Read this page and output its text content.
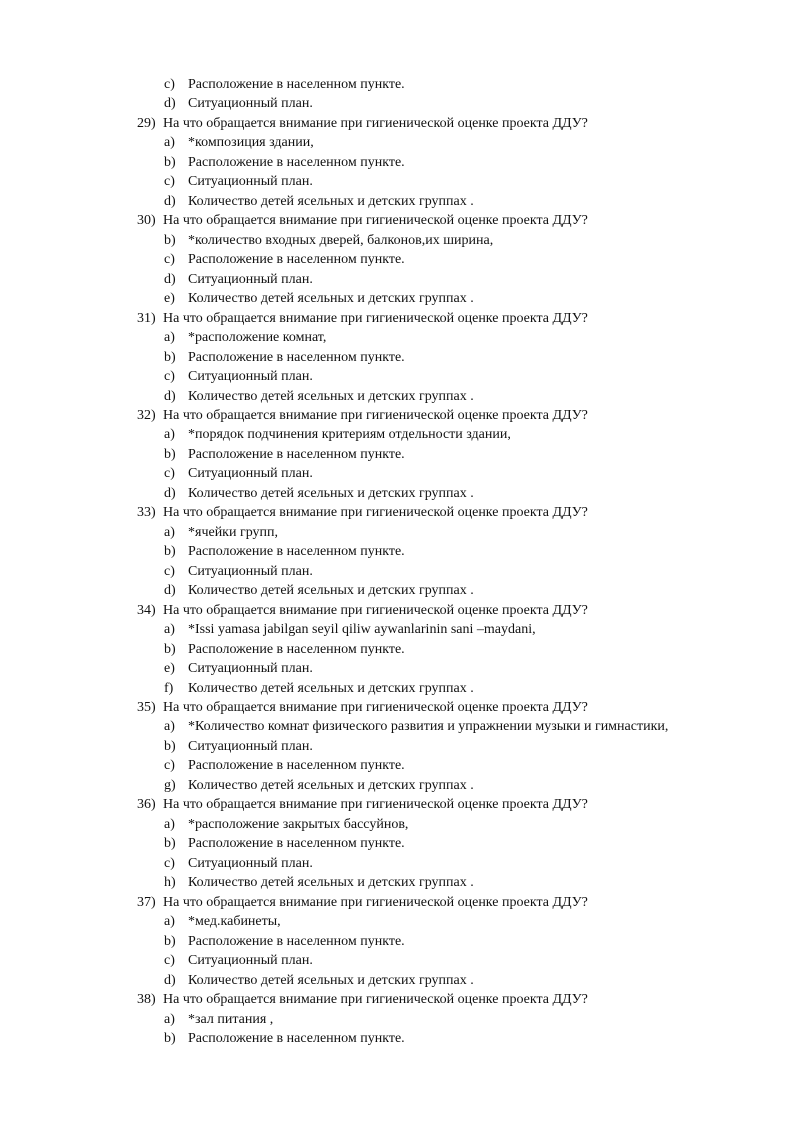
c) Расположение в населенном пункте.
d) Ситуационный план.
29) На что обращается внимание при гигиенической оценке проекта ДДУ?
a) *композиция здании,
b) Расположение в населенном пункте.
c) Ситуационный план.
d) Количество детей ясельных и детских группах .
30) На что обращается внимание при гигиенической оценке проекта ДДУ?
b) *количество входных дверей, балконов,их ширина,
c) Расположение в населенном пункте.
d) Ситуационный план.
e) Количество детей ясельных и детских группах .
31) На что обращается внимание при гигиенической оценке проекта ДДУ?
a) *расположение комнат,
b) Расположение в населенном пункте.
c) Ситуационный план.
d) Количество детей ясельных и детских группах .
32) На что обращается внимание при гигиенической оценке проекта ДДУ?
a) *порядок подчинения критериям отдельности здании,
b) Расположение в населенном пункте.
c) Ситуационный план.
d) Количество детей ясельных и детских группах .
33) На что обращается внимание при гигиенической оценке проекта ДДУ?
a) *ячейки групп,
b) Расположение в населенном пункте.
c) Ситуационный план.
d) Количество детей ясельных и детских группах .
34) На что обращается внимание при гигиенической оценке проекта ДДУ?
a) *Issi yamasa jabilgan seyil qiliw aywanlarinin sani –maydani,
b) Расположение в населенном пункте.
e) Ситуационный план.
f) Количество детей ясельных и детских группах .
35) На что обращается внимание при гигиенической оценке проекта ДДУ?
a) *Количество комнат физического развития и упражнении музыки и гимнастики,
b) Ситуационный план.
c) Расположение в населенном пункте.
g) Количество детей ясельных и детских группах .
36) На что обращается внимание при гигиенической оценке проекта ДДУ?
a) *расположение закрытых бассуйнов,
b) Расположение в населенном пункте.
c) Ситуационный план.
h) Количество детей ясельных и детских группах .
37) На что обращается внимание при гигиенической оценке проекта ДДУ?
a) *мед.кабинеты,
b) Расположение в населенном пункте.
c) Ситуационный план.
d) Количество детей ясельных и детских группах .
38) На что обращается внимание при гигиенической оценке проекта ДДУ?
a) *зал питания ,
b) Расположение в населенном пункте.
